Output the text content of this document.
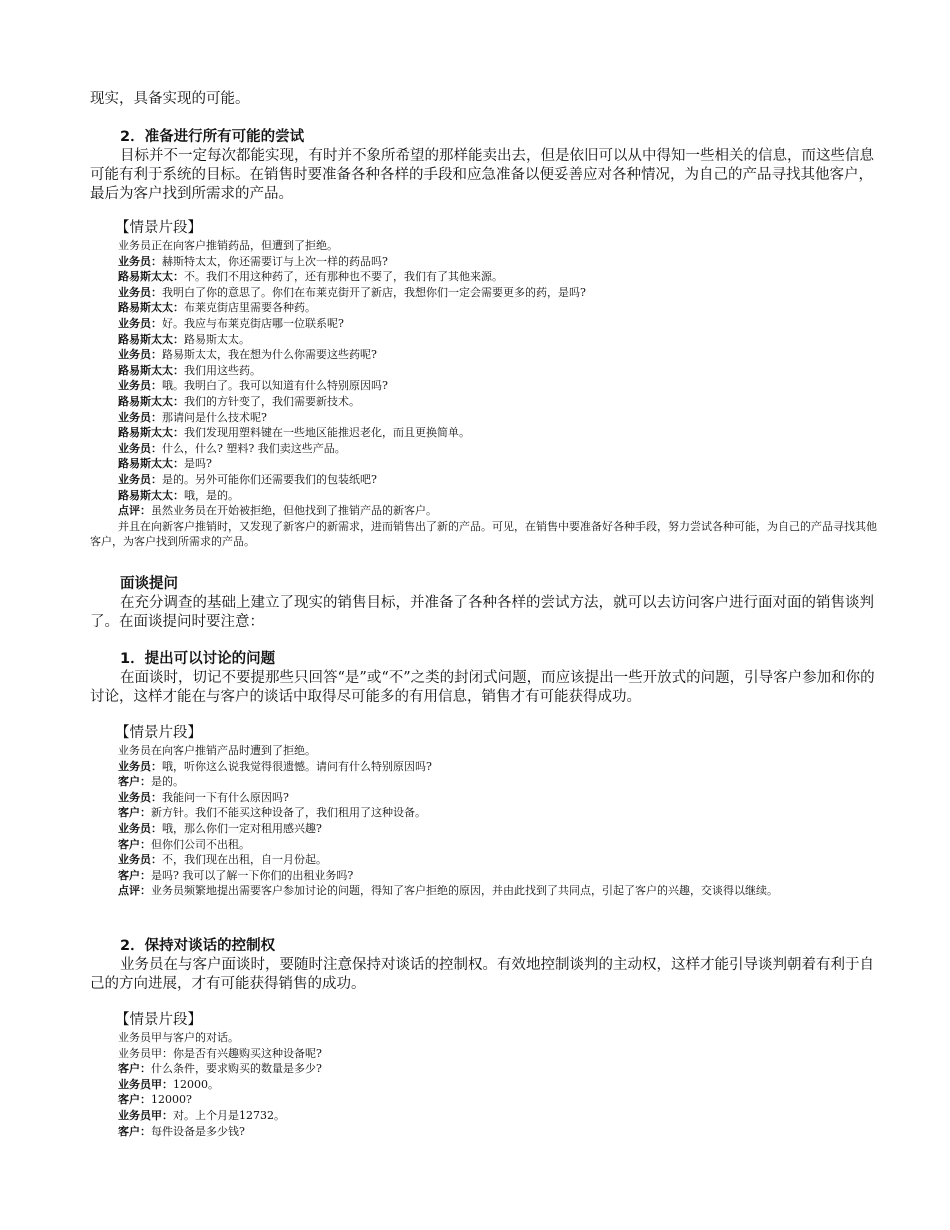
现实，具备实现的可能。
2．准备进行所有可能的尝试
目标并不一定每次都能实现，有时并不象所希望的那样能卖出去，但是依旧可以从中得知一些相关的信息，而这些信息可能有利于系统的目标。在销售时要准备各种各样的手段和应急准备以便妥善应对各种情况，为自己的产品寻找其他客户，最后为客户找到所需求的产品。
【情景片段】
业务员正在向客户推销药品，但遭到了拒绝。
业务员：赫斯特太太，你还需要订与上次一样的药品吗?
路易斯太太：不。我们不用这种药了，还有那种也不要了，我们有了其他来源。
业务员：我明白了你的意思了。你们在布莱克街开了新店，我想你们一定会需要更多的药，是吗?
路易斯太太：布莱克街店里需要各种药。
业务员：好。我应与布莱克街店哪一位联系呢?
路易斯太太：路易斯太太。
业务员：路易斯太太，我在想为什么你需要这些药呢?
路易斯太太：我们用这些药。
业务员：哦。我明白了。我可以知道有什么特别原因吗?
路易斯太太：我们的方针变了，我们需要新技术。
业务员：那请问是什么技术呢?
路易斯太太：我们发现用塑料键在一些地区能推迟老化，而且更换简单。
业务员：什么，什么? 塑料? 我们卖这些产品。
路易斯太太：是吗?
业务员：是的。另外可能你们还需要我们的包装纸吧?
路易斯太太：哦，是的。
点评：虽然业务员在开始被拒绝，但他找到了推销产品的新客户。
并且在向新客户推销时，又发现了新客户的新需求，进而销售出了新的产品。可见，在销售中要准备好各种手段，努力尝试各种可能，为自己的产品寻找其他客户，为客户找到所需求的产品。
面谈提问
在充分调查的基础上建立了现实的销售目标，并准备了各种各样的尝试方法，就可以去访问客户进行面对面的销售谈判了。在面谈提问时要注意：
1．提出可以讨论的问题
在面谈时，切记不要提那些只回答“是”或“不”之类的封闭式问题，而应该提出一些开放式的问题，引导客户参加和你的讨论，这样才能在与客户的谈话中取得尽可能多的有用信息，销售才有可能获得成功。
【情景片段】
业务员在向客户推销产品时遭到了拒绝。
业务员：哦，听你这么说我觉得很遗憾。请问有什么特别原因吗?
客户：是的。
业务员：我能问一下有什么原因吗?
客户：新方针。我们不能买这种设备了，我们租用了这种设备。
业务员：哦，那么你们一定对租用感兴趣?
客户：但你们公司不出租。
业务员：不，我们现在出租，自一月份起。
客户：是吗? 我可以了解一下你们的出租业务吗?
点评：业务员频繁地提出需要客户参加讨论的问题，得知了客户拒绝的原因，并由此找到了共同点，引起了客户的兴趣，交谈得以继续。
2．保持对谈话的控制权
业务员在与客户面谈时，要随时注意保持对谈话的控制权。有效地控制谈判的主动权，这样才能引导谈判朝着有利于自己的方向进展，才有可能获得销售的成功。
【情景片段】
业务员甲与客户的对话。
业务员甲：你是否有兴趣购买这种设备呢?
客户：什么条件，要求购买的数量是多少?
业务员甲：12000。
客户：12000?
业务员甲：对。上个月是12732。
客户：每件设备是多少钱?
